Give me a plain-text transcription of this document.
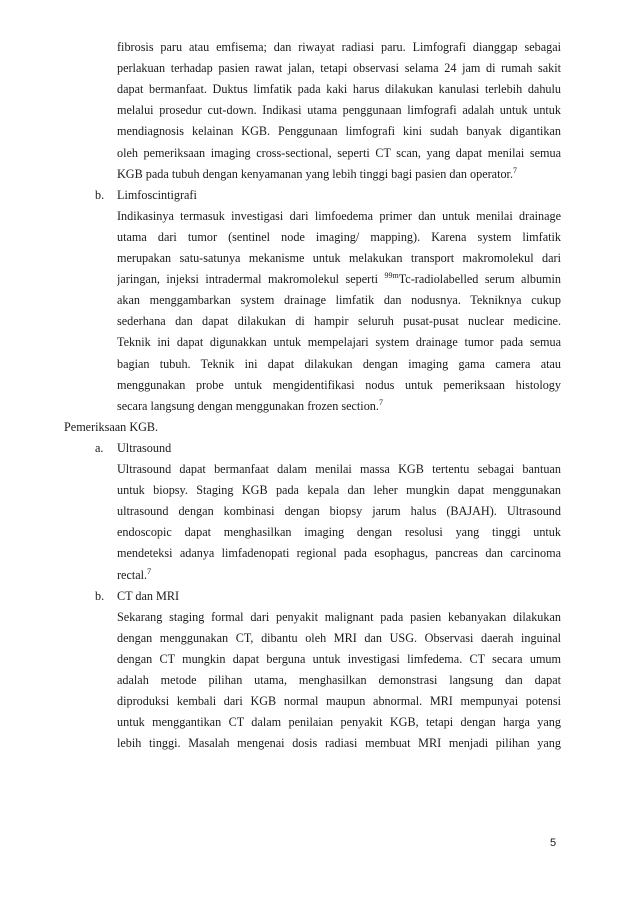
fibrosis paru atau emfisema; dan riwayat radiasi paru. Limfografi dianggap sebagai
perlakuan terhadap pasien rawat jalan, tetapi observasi selama 24 jam di rumah sakit
dapat bermanfaat. Duktus limfatik pada kaki harus dilakukan kanulasi terlebih dahulu
melalui prosedur cut-down. Indikasi utama penggunaan limfografi adalah untuk untuk
mendiagnosis kelainan KGB. Penggunaan limfografi kini sudah banyak digantikan
oleh pemeriksaan imaging cross-sectional, seperti CT scan, yang dapat menilai semua
KGB pada tubuh dengan kenyamanan yang lebih tinggi bagi pasien dan operator.$^7$
b. Limfoscintigrafi
Indikasinya termasuk investigasi dari limfoedema primer dan untuk menilai drainage
utama dari tumor (sentinel node imaging/ mapping). Karena system limfatik
merupakan satu-satunya mekanisme untuk melakukan transport makromolekul dari
jaringan, injeksi intradermal makromolekul seperti $^{99m}$Tc-radiolabelled serum albumin
akan menggambarkan system drainage limfatik dan nodusnya. Tekniknya cukup
sederhana dan dapat dilakukan di hampir seluruh pusat-pusat nuclear medicine.
Teknik ini dapat digunakkan untuk mempelajari system drainage tumor pada semua
bagian tubuh. Teknik ini dapat dilakukan dengan imaging gama camera atau
menggunakan probe untuk mengidentifikasi nodus untuk pemeriksaan histology
secara langsung dengan menggunakan frozen section.$^7$
Pemeriksaan KGB.
a. Ultrasound
Ultrasound dapat bermanfaat dalam menilai massa KGB tertentu sebagai bantuan
untuk biopsy. Staging KGB pada kepala dan leher mungkin dapat menggunakan
ultrasound dengan kombinasi dengan biopsy jarum halus (BAJAH). Ultrasound
endoscopic dapat menghasilkan imaging dengan resolusi yang tinggi untuk
mendeteksi adanya limfadenopati regional pada esophagus, pancreas dan carcinoma
rectal.$^7$
b. CT dan MRI
Sekarang staging formal dari penyakit malignant pada pasien kebanyakan dilakukan
dengan menggunakan CT, dibantu oleh MRI dan USG. Observasi daerah inguinal
dengan CT mungkin dapat berguna untuk investigasi limfedema. CT secara umum
adalah metode pilihan utama, menghasilkan demonstrasi langsung dan dapat
diproduksi kembali dari KGB normal maupun abnormal. MRI mempunyai potensi
untuk menggantikan CT dalam penilaian penyakit KGB, tetapi dengan harga yang
lebih tinggi. Masalah mengenai dosis radiasi membuat MRI menjadi pilihan yang
5
